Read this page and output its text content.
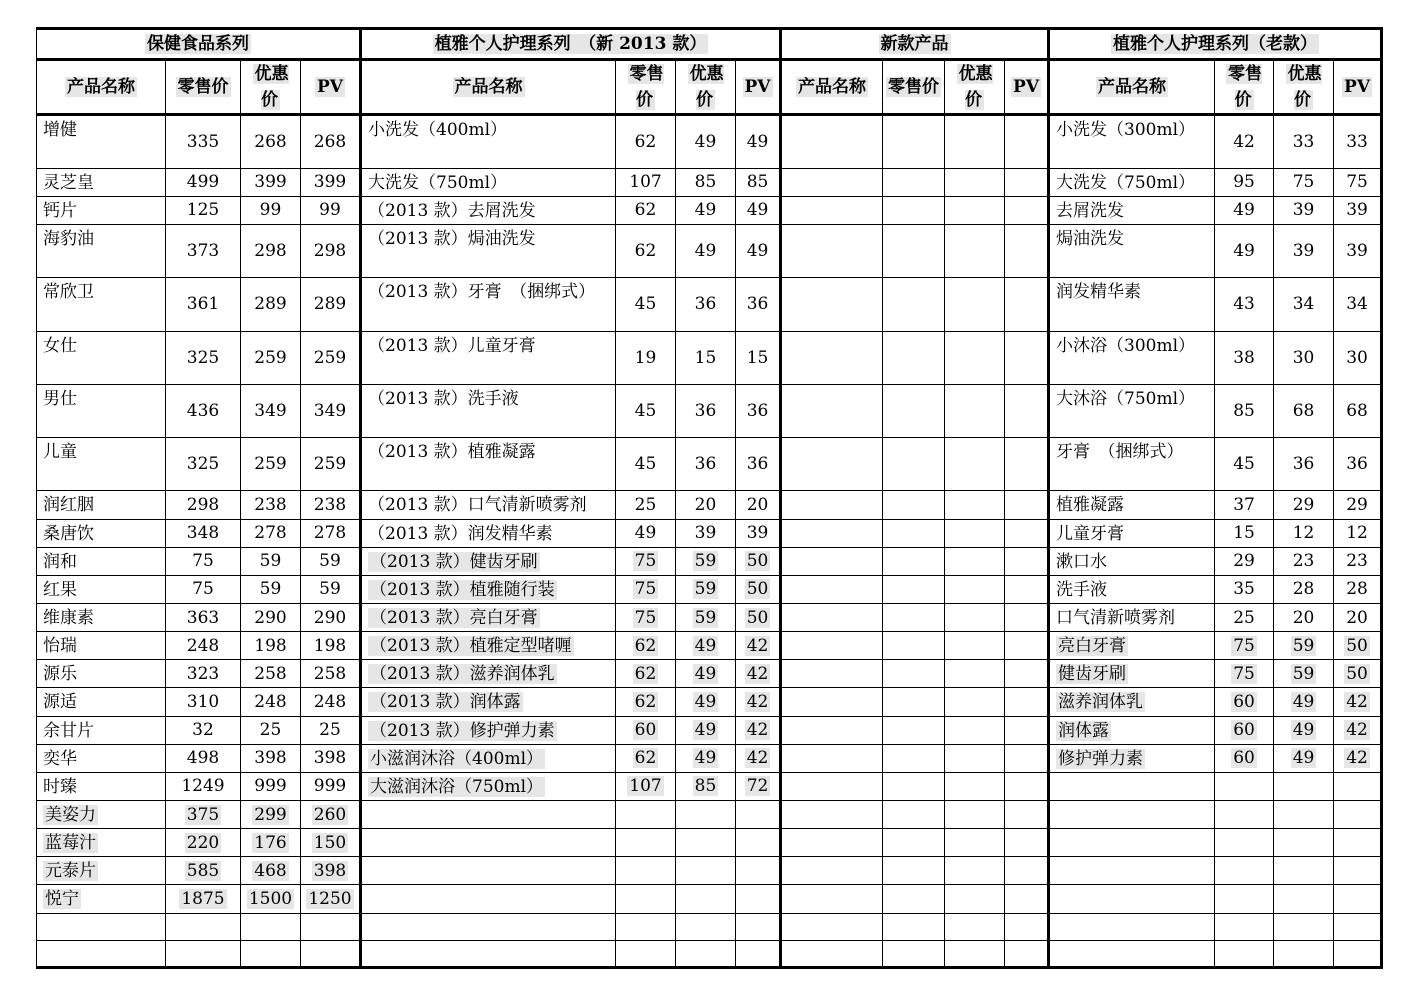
保健食品系列				植雅个人护理系列　（新 2013 款）				新款产品				植雅个人护理系列（老款）			
产品名称	零售价	优惠价	PV	产品名称	零售价	优惠价	PV	产品名称	零售价	优惠价	PV	产品名称	零售价	优惠价	PV
增健	335	268	268	小洗发（400ml）	62	49	49					小洗发（300ml）	42	33	33
灵芝皇	499	399	399	大洗发（750ml）	107	85	85					大洗发（750ml）	95	75	75
钙片	125	99	99	（2013 款）去屑洗发	62	49	49					去屑洗发	49	39	39
海豹油	373	298	298	（2013 款）焗油洗发	62	49	49					焗油洗发	49	39	39
常欣卫	361	289	289	（2013 款）牙膏　（捆绑式）	45	36	36					润发精华素	43	34	34
女仕	325	259	259	（2013 款）儿童牙膏	19	15	15					小沐浴（300ml）	38	30	30
男仕	436	349	349	（2013 款）洗手液	45	36	36					大沐浴（750ml）	85	68	68
儿童	325	259	259	（2013 款）植雅凝露	45	36	36					牙膏　（捆绑式）	45	36	36
润红胭	298	238	238	（2013 款）口气清新喷雾剂	25	20	20					植雅凝露	37	29	29
桑唐饮	348	278	278	（2013 款）润发精华素	49	39	39					儿童牙膏	15	12	12
润和	75	59	59	（2013 款）健齿牙刷	75	59	50					漱口水	29	23	23
红果	75	59	59	（2013 款）植雅随行装	75	59	50					洗手液	35	28	28
维康素	363	290	290	（2013 款）亮白牙膏	75	59	50					口气清新喷雾剂	25	20	20
怡瑞	248	198	198	（2013 款）植雅定型啫喱	62	49	42					亮白牙膏	75	59	50
源乐	323	258	258	（2013 款）滋养润体乳	62	49	42					健齿牙刷	75	59	50
源适	310	248	248	（2013 款）润体露	62	49	42					滋养润体乳	60	49	42
余甘片	32	25	25	（2013 款）修护弹力素	60	49	42					润体露	60	49	42
奕华	498	398	398	小滋润沐浴（400ml）	62	49	42					修护弹力素	60	49	42
时臻	1249	999	999	大滋润沐浴（750ml）	107	85	72								
美姿力	375	299	260												
蓝莓汁	220	176	150												
元泰片	585	468	398												
悦宁	1875	1500	1250												
